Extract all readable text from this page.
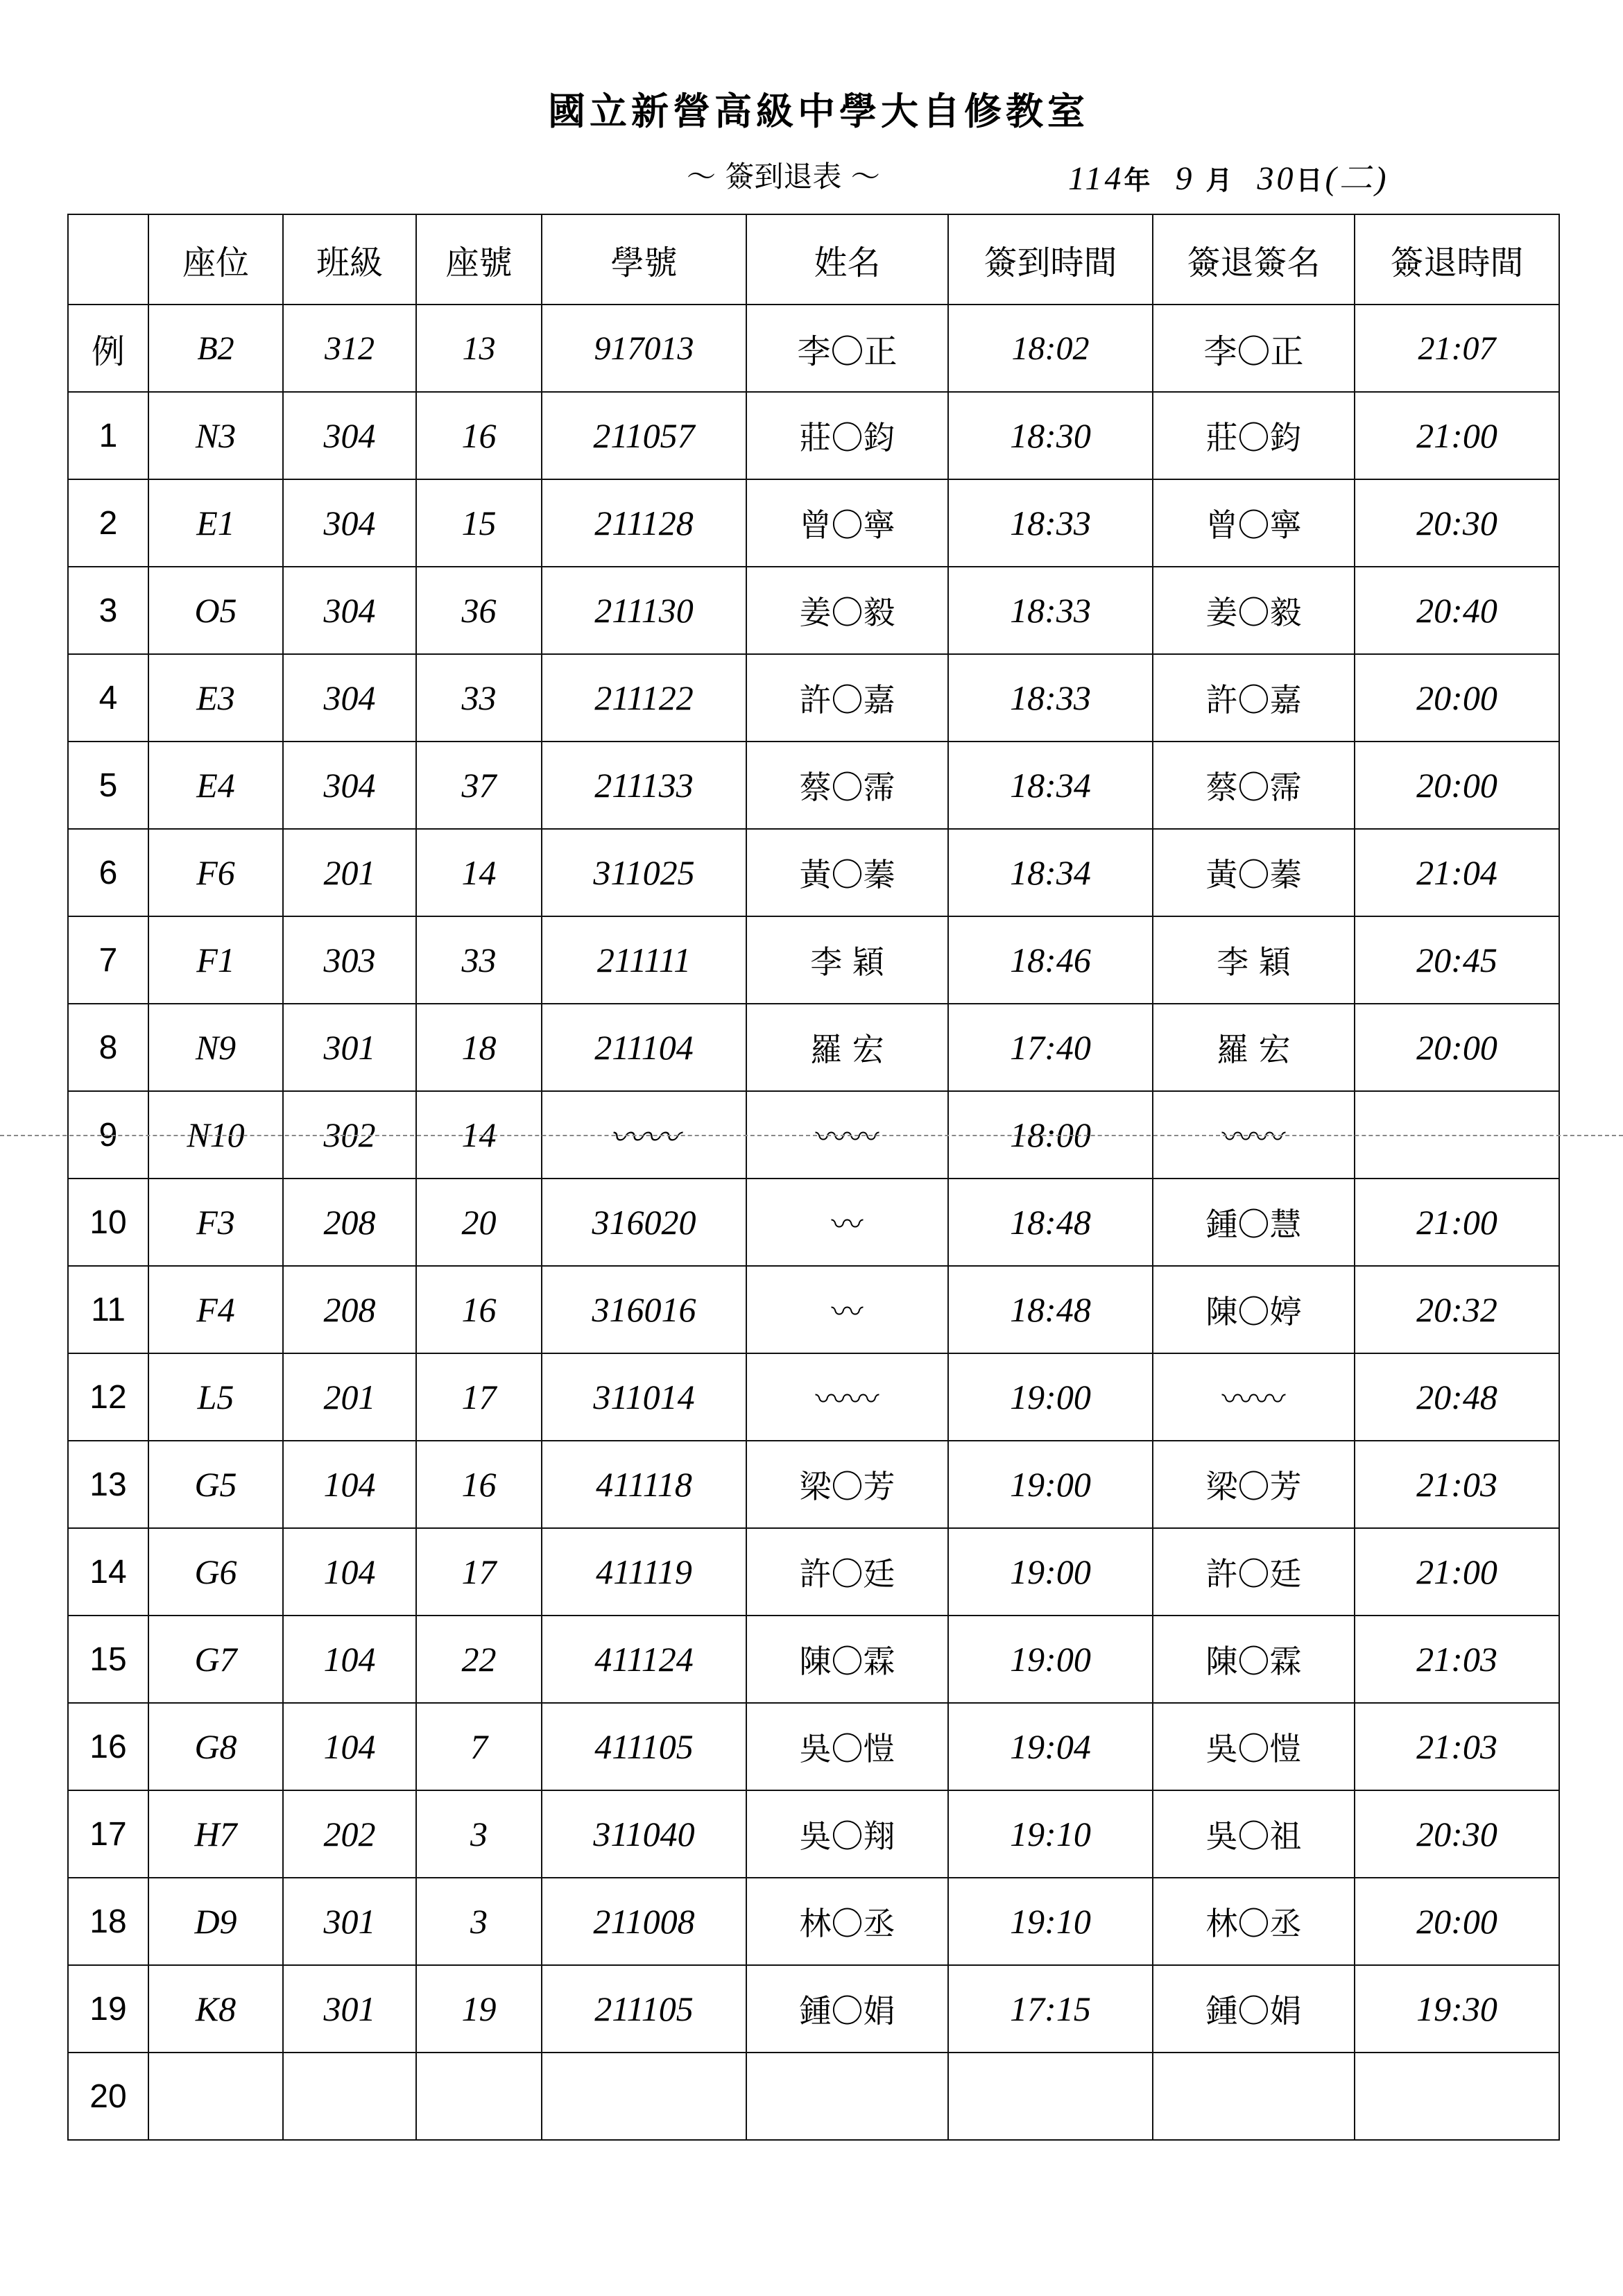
國立新營高級中學大自修教室
～ 簽到退表 ～	114年 9 月 30日(二)
	座位	班級	座號	學號	姓名	簽到時間	簽退簽名	簽退時間
例	B2	312	13	917013	李〇正	18:02	李〇正	21:07
1	N3	304	16	211057	莊〇鈞	18:30	莊〇鈞	21:00
2	E1	304	15	211128	曾〇寧	18:33	曾〇寧	20:30
3	O5	304	36	211130	姜〇毅	18:33	姜〇毅	20:40
4	E3	304	33	211122	許〇嘉	18:33	許〇嘉	20:00
5	E4	304	37	211133	蔡〇霈	18:34	蔡〇霈	20:00
6	F6	201	14	311025	黃〇蓁	18:34	黃〇蓁	21:04
7	F1	303	33	211111	李 穎	18:46	李 穎	20:45
8	N9	301	18	211104	羅 宏	17:40	羅 宏	20:00
9	N10	302	14	〰〰	〰〰	18:00	〰〰	
10	F3	208	20	316020	〰	18:48	鍾〇慧	21:00
11	F4	208	16	316016	〰	18:48	陳〇婷	20:32
12	L5	201	17	311014	〰〰	19:00	〰〰	20:48
13	G5	104	16	411118	梁〇芳	19:00	梁〇芳	21:03
14	G6	104	17	411119	許〇廷	19:00	許〇廷	21:00
15	G7	104	22	411124	陳〇霖	19:00	陳〇霖	21:03
16	G8	104	7	411105	吳〇愷	19:04	吳〇愷	21:03
17	H7	202	3	311040	吳〇翔	19:10	吳〇祖	20:30
18	D9	301	3	211008	林〇丞	19:10	林〇丞	20:00
19	K8	301	19	211105	鍾〇娟	17:15	鍾〇娟	19:30
20								
